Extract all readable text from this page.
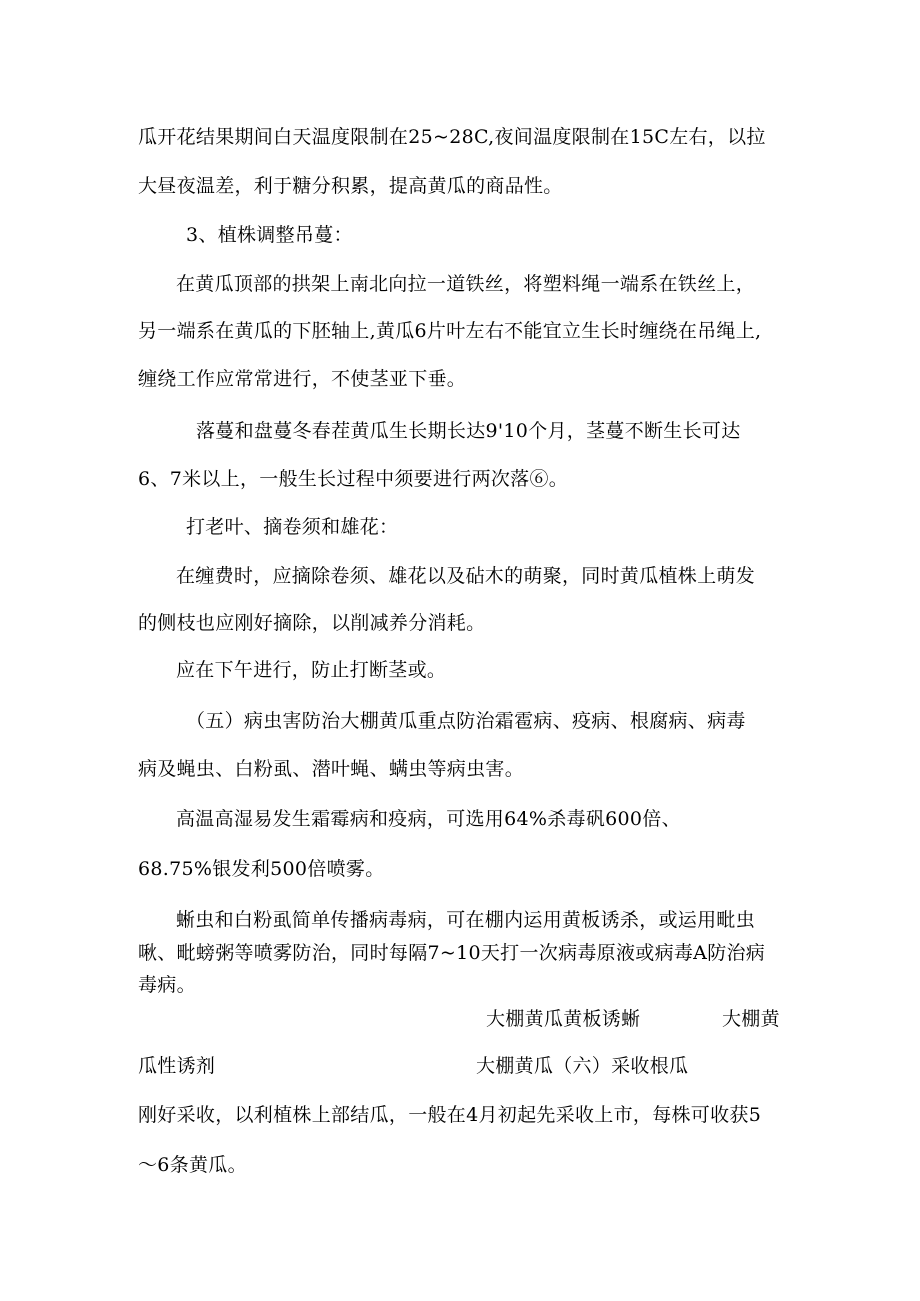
瓜开花结果期间白天温度限制在25~28C,夜间温度限制在15C左右，以拉
大昼夜温差，利于糖分积累，提高黄瓜的商品性。
3、植株调整吊蔓：
在黄瓜顶部的拱架上南北向拉一道铁丝，将塑料绳一端系在铁丝上，
另一端系在黄瓜的下胚轴上,黄瓜6片叶左右不能宜立生长时缠绕在吊绳上,
缠绕工作应常常进行，不使茎亚下垂。
落蔓和盘蔓冬春茬黄瓜生长期长达9'10个月，茎蔓不断生长可达
6、7米以上，一般生长过程中须要进行两次落⑥。
打老叶、摘卷须和雄花：
在缠费时，应摘除卷须、雄花以及砧木的萌聚，同时黄瓜植株上萌发
的侧枝也应刚好摘除，以削减养分消耗。
应在下午进行，防止打断茎或。
（五）病虫害防治大棚黄瓜重点防治霜雹病、疫病、根腐病、病毒
病及蝇虫、白粉虱、潜叶蝇、螨虫等病虫害。
高温高湿易发生霜霉病和疫病，可选用64%杀毒矾600倍、
68.75%银发利500倍喷雾。
蜥虫和白粉虱简单传播病毒病，可在棚内运用黄板诱杀，或运用毗虫
啾、毗螃粥等喷雾防治，同时每隔7~10天打一次病毒原液或病毒A防治病
毒病。
大棚黄瓜黄板诱蜥	大棚黄
瓜性诱剂	大棚黄瓜（六）采收根瓜
刚好采收，以利植株上部结瓜，一般在4月初起先采收上市，每株可收获5
～6条黄瓜。
